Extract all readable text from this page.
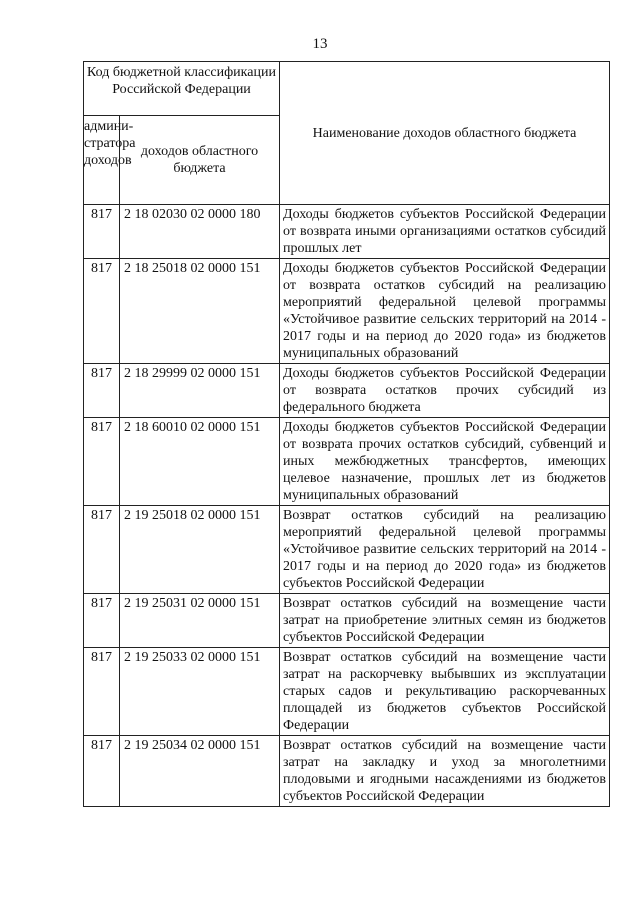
13
Код бюджетной классификации Российской Федерации		Наименование доходов областного бюджета
админи-стратора доходов	доходов областного бюджета	
817	2 18 02030 02 0000 180	Доходы бюджетов субъектов Российской Федерации от возврата иными организациями остатков субсидий прошлых лет
817	2 18 25018 02 0000 151	Доходы бюджетов субъектов Российской Федерации от возврата остатков субсидий на реализацию мероприятий федеральной целевой программы «Устойчивое развитие сельских территорий на 2014 - 2017 годы и на период до 2020 года» из бюджетов муниципальных образований
817	2 18 29999 02 0000 151	Доходы бюджетов субъектов Российской Федерации от возврата остатков прочих субсидий из федерального бюджета
817	2 18 60010 02 0000 151	Доходы бюджетов субъектов Российской Федерации от возврата прочих остатков субсидий, субвенций и иных межбюджетных трансфертов, имеющих целевое назначение, прошлых лет из бюджетов муниципальных образований
817	2 19 25018 02 0000 151	Возврат остатков субсидий на реализацию мероприятий федеральной целевой программы «Устойчивое развитие сельских территорий на 2014 - 2017 годы и на период до 2020 года» из бюджетов субъектов Российской Федерации
817	2 19 25031 02 0000 151	Возврат остатков субсидий на возмещение части затрат на приобретение элитных семян из бюджетов субъектов Российской Федерации
817	2 19 25033 02 0000 151	Возврат остатков субсидий на возмещение части затрат на раскорчевку выбывших из эксплуатации старых садов и рекультивацию раскорчеванных площадей из бюджетов субъектов Российской Федерации
817	2 19 25034 02 0000 151	Возврат остатков субсидий на возмещение части затрат на закладку и уход за многолетними плодовыми и ягодными насаждениями из бюджетов субъектов Российской Федерации
